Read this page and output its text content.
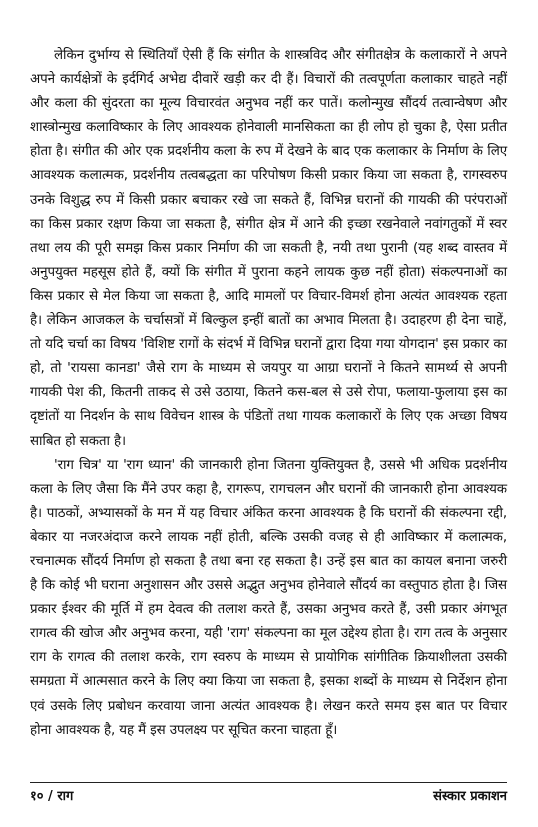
लेकिन दुर्भाग्य से स्थितियाँ ऐसी हैं कि संगीत के शास्त्रविद और संगीतक्षेत्र के कलाकारों ने अपने अपने कार्यक्षेत्रों के इर्दगिर्द अभेद्य दीवारें खड़ी कर दी हैं। विचारों की तत्वपूर्णता कलाकार चाहते नहीं और कला की सुंदरता का मूल्य विचारवंत अनुभव नहीं कर पातें। कलोन्मुख सौंदर्य तत्वान्वेषण और शास्त्रोन्मुख कलाविष्कार के लिए आवश्यक होनेवाली मानसिकता का ही लोप हो चुका है, ऐसा प्रतीत होता है। संगीत की ओर एक प्रदर्शनीय कला के रुप में देखने के बाद एक कलाकार के निर्माण के लिए आवश्यक कलात्मक, प्रदर्शनीय तत्वबद्धता का परिपोषण किसी प्रकार किया जा सकता है, रागस्वरुप उनके विशुद्ध रुप में किसी प्रकार बचाकर रखे जा सकते हैं, विभिन्न घरानों की गायकी की परंपराओं का किस प्रकार रक्षण किया जा सकता है, संगीत क्षेत्र में आने की इच्छा रखनेवाले नवांगतुकों में स्वर तथा लय की पूरी समझ किस प्रकार निर्माण की जा सकती है, नयी तथा पुरानी (यह शब्द वास्तव में अनुपयुक्त महसूस होते हैं, क्यों कि संगीत में पुराना कहने लायक कुछ नहीं होता) संकल्पनाओं का किस प्रकार से मेल किया जा सकता है, आदि मामलों पर विचार-विमर्श होना अत्यंत आवश्यक रहता है। लेकिन आजकल के चर्चासत्रों में बिल्कुल इन्हीं बातों का अभाव मिलता है। उदाहरण ही देना चाहें, तो यदि चर्चा का विषय 'विशिष्ट रागों के संदर्भ में विभिन्न घरानों द्वारा दिया गया योगदान' इस प्रकार का हो, तो 'रायसा कानडा' जैसे राग के माध्यम से जयपुर या आग्रा घरानों ने कितने सामर्थ्य से अपनी गायकी पेश की, कितनी ताकद से उसे उठाया, कितने कस-बल से उसे रोपा, फलाया-फुलाया इस का दृष्टांतों या निदर्शन के साथ विवेचन शास्त्र के पंडितों तथा गायक कलाकारों के लिए एक अच्छा विषय साबित हो सकता है।

'राग चित्र' या 'राग ध्यान' की जानकारी होना जितना युक्तियुक्त है, उससे भी अधिक प्रदर्शनीय कला के लिए जैसा कि मैंने उपर कहा है, रागरूप, रागचलन और घरानों की जानकारी होना आवश्यक है। पाठकों, अभ्यासकों के मन में यह विचार अंकित करना आवश्यक है कि घरानों की संकल्पना रद्दी, बेकार या नजरअंदाज करने लायक नहीं होती, बल्कि उसकी वजह से ही आविष्कार में कलात्मक, रचनात्मक सौंदर्य निर्माण हो सकता है तथा बना रह सकता है। उन्हें इस बात का कायल बनाना जरुरी है कि कोई भी घराना अनुशासन और उससे अद्भुत अनुभव होनेवाले सौंदर्य का वस्तुपाठ होता है। जिस प्रकार ईश्वर की मूर्ति में हम देवत्व की तलाश करते हैं, उसका अनुभव करते हैं, उसी प्रकार अंगभूत रागत्व की खोज और अनुभव करना, यही 'राग' संकल्पना का मूल उद्देश्य होता है। राग तत्व के अनुसार राग के रागत्व की तलाश करके, राग स्वरुप के माध्यम से प्रायोगिक सांगीतिक क्रियाशीलता उसकी समग्रता में आत्मसात करने के लिए क्या किया जा सकता है, इसका शब्दों के माध्यम से निर्देशन होना एवं उसके लिए प्रबोधन करवाया जाना अत्यंत आवश्यक है। लेखन करते समय इस बात पर विचार होना आवश्यक है, यह मैं इस उपलक्ष्य पर सूचित करना चाहता हूँ।

१० / राग	संस्कार प्रकाशन
